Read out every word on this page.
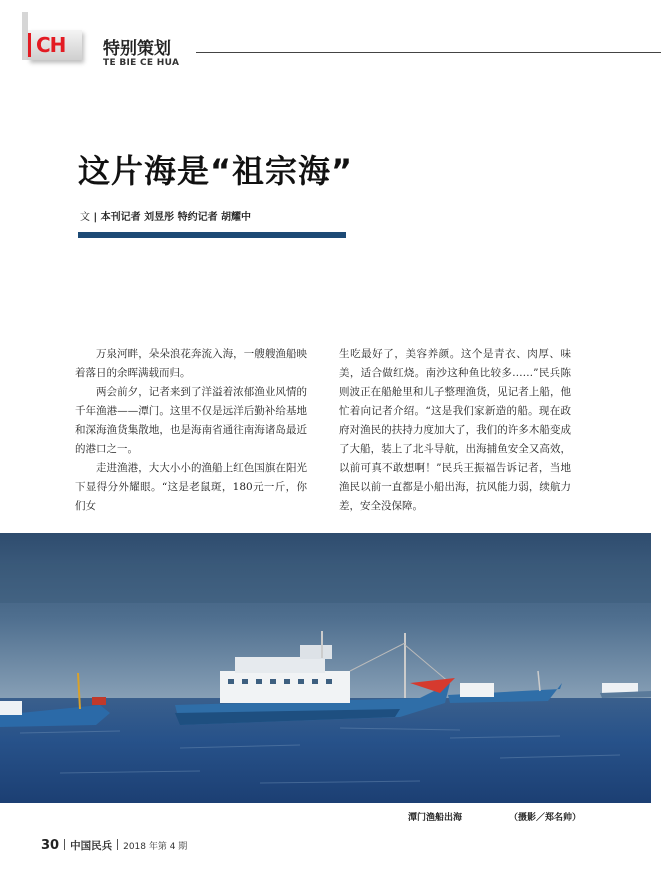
CH 特别策划
TE BIE CE HUA
这片海是“祖宗海”
文 | 本刊记者 刘昱彤 特约记者 胡耀中

万泉河畔，朵朵浪花奔流入海，一艘艘渔船映着落日的余晖满载而归。

两会前夕，记者来到了洋溢着浓郁渔业风情的千年渔港——潭门。这里不仅是远洋后勤补给基地和深海渔货集散地，也是海南省通往南海诸岛最近的港口之一。

走进渔港，大大小小的渔船上红色国旗在阳光下显得分外耀眼。“这是老鼠斑，180元一斤，你们女

生吃最好了，美容养颜。这个是青衣、肉厚、味美，适合做红烧。南沙这种鱼比较多……”民兵陈则波正在船舱里和儿子整理渔货，见记者上船，他忙着向记者介绍。“这是我们家新造的船。现在政府对渔民的扶持力度加大了，我们的许多木船变成了大船，装上了北斗导航，出海捕鱼安全又高效，以前可真不敢想啊！”民兵王振福告诉记者，当地渔民以前一直都是小船出海，抗风能力弱，续航力差，安全没保障。

潭门渔船出海	（摄影／郑名帅）
30 中国民兵 2018 年第 4 期
